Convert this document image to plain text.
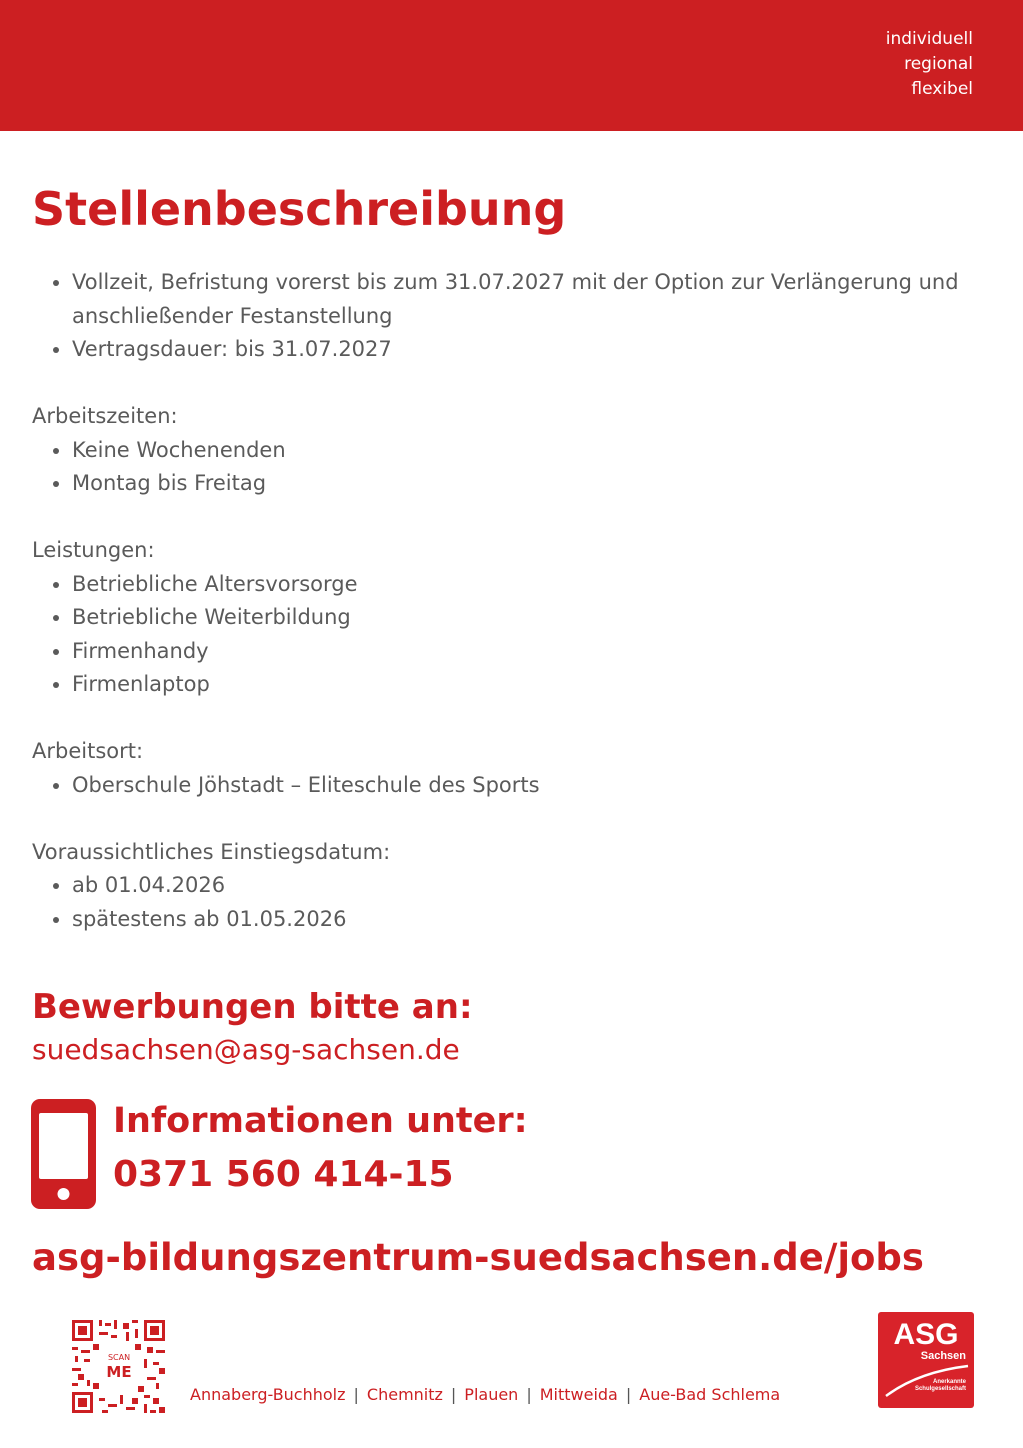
individuell
regional
flexibel
Stellenbeschreibung
• Vollzeit, Befristung vorerst bis zum 31.07.2027 mit der Option zur Verlängerung und anschließender Festanstellung
• Vertragsdauer: bis 31.07.2027
Arbeitszeiten:
• Keine Wochenenden
• Montag bis Freitag
Leistungen:
• Betriebliche Altersvorsorge
• Betriebliche Weiterbildung
• Firmenhandy
• Firmenlaptop
Arbeitsort:
• Oberschule Jöhstadt – Eliteschule des Sports
Voraussichtliches Einstiegsdatum:
• ab 01.04.2026
• spätestens ab 01.05.2026
Bewerbungen bitte an:
suedsachsen@asg-sachsen.de
Informationen unter:
0371 560 414-15
asg-bildungszentrum-suedsachsen.de/jobs
SCAN
ME
Annaberg-Buchholz | Chemnitz | Plauen | Mittweida | Aue-Bad Schlema
ASG
Sachsen
Anerkannte Schulgesellschaft
